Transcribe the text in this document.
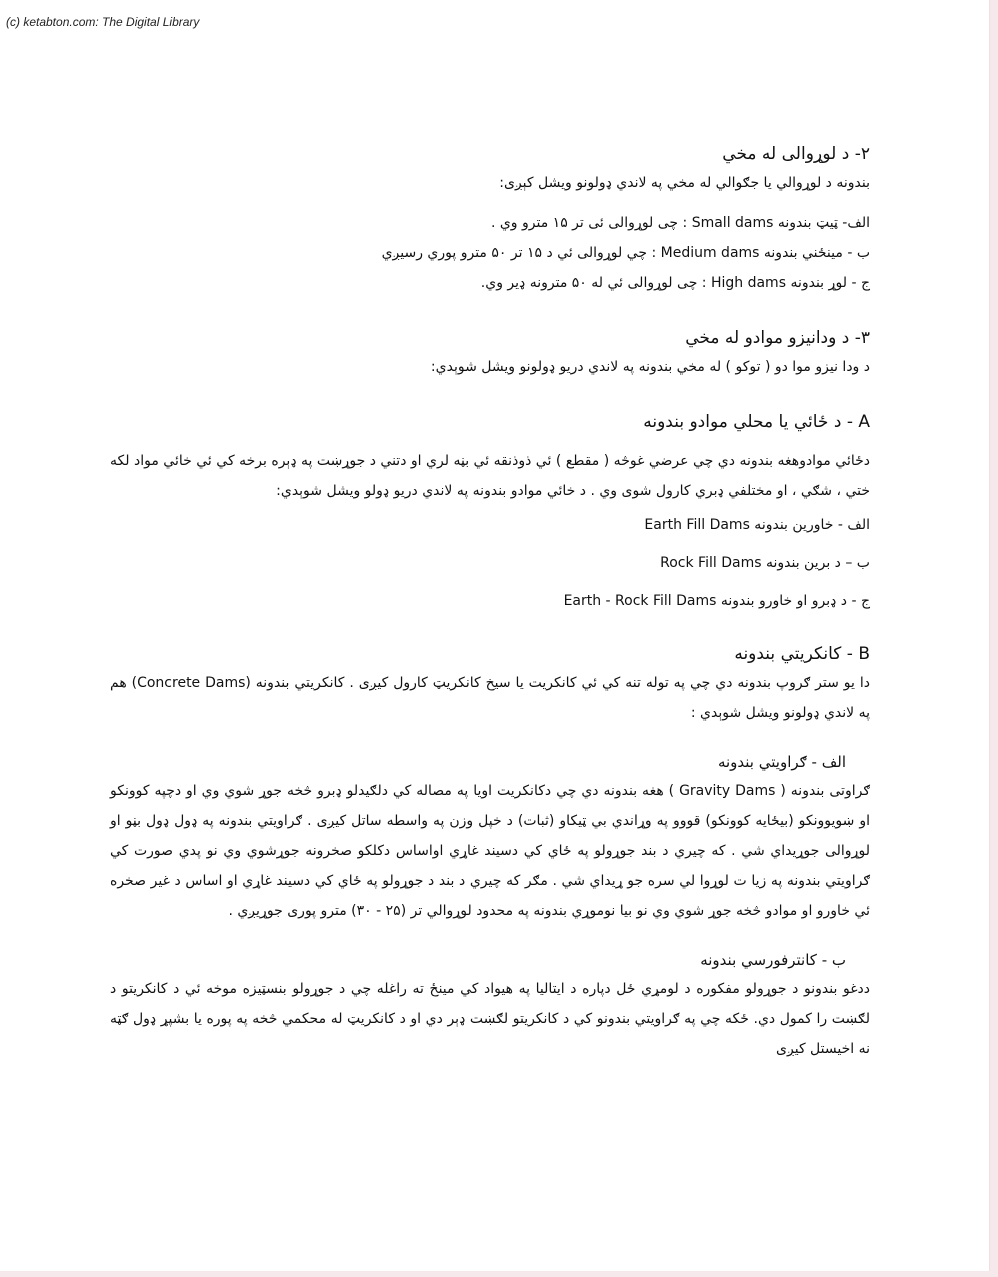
(c) ketabton.com: The Digital Library

۲- د لوړوالی له مخي

بندونه د لوړوالي یا جګوالي له مخي په لاندي ډولونو ویشل کېږی:

الف- ټیټ بندونه Small dams : چی لوړوالی ئی تر ۱۵ مترو وي .

ب - مینځني بندونه Medium dams : چي لوړوالی ئي د ۱۵ تر ۵۰ مترو پوري رسیږي

ج - لوړ بندونه High dams : چی لوړوالی ئي له ۵۰ مترونه ډیر وي.

۳- د ودانیزو موادو له مخي

د ودا نیزو موا دو ( توکو ) له مخي بندونه په لاندي دریو ډولونو ویشل شوېدي:

A - د ځائي یا محلي موادو بندونه

دځائي موادوهغه بندونه دي چي عرضي غوڅه ( مقطع ) ئي ذوذنقه ئي بڼه لري او دتني د جوړښت په ډېره برخه کي ئي خائي مواد لکه ختي ، شګي ، او مختلفي ډبري کارول شوی وي . د خائي موادو بندونه په لاندي دریو ډولو ویشل شوېدي:

الف - خاورین بندونه Earth Fill Dams

ب – د برین بندونه Rock Fill Dams

ج - د ډبرو او خاورو بندونه Earth - Rock Fill Dams

B - کانکریتي بندونه

دا یو ستر ګروپ بندونه دي چي په توله تنه کي ئي کانکریت یا سیخ کانکریټ کارول کیږی . کانکریتي بندونه (Concrete Dams) هم په لاندي ډولونو ویشل شوېدي :

الف - ګراویتي بندونه

ګراوتی بندونه ( Gravity Dams ) هغه بندونه دي چي دکانکریت اویا په مصاله کي دلګیدلو ډبرو څخه جوړ شوي وي او دچپه کوونکو او ښویوونکو (بیځایه کوونکو) قووو په وړاندي بي ټیکاو (ثبات) د خپل وزن په واسطه ساتل کیږی . ګراویتي بندونه په ډول ډول بڼو او لوړوالی جوړیداي شي . که چیري د بند جوړولو په ځاي کي دسیند غاړي اواساس دکلکو صخرونه جوړشوي وي نو پدي صورت کي ګراویتي بندونه په زیا ت لوړوا لي سره جو ړیداي شي . مګر که چیري د بند د جوړولو په ځاي کي دسیند غاړي او اساس د غیر صخره ئي خاورو او موادو څخه جوړ شوي وي نو بیا نوموړي بندونه په محدود لوړوالي تر (۲۵ - ۳۰) مترو پوری جوړیږي .

ب - کانترفورسي بندونه

ددغو بندونو د جوړولو مفکوره د لومړي ځل دپاره د ایتالیا په هیواد کي مینځ ته راغله چي د جوړولو بنسټیزه موخه ئي د کانکریتو د لګښت را کمول دي. ځکه چي په ګراویتي بندونو کي د کانکریتو لګښت ډېر دي او د کانکریټ له محکمي څخه په پوره یا بشپړ ډول ګټه نه اخیستل کیږی
